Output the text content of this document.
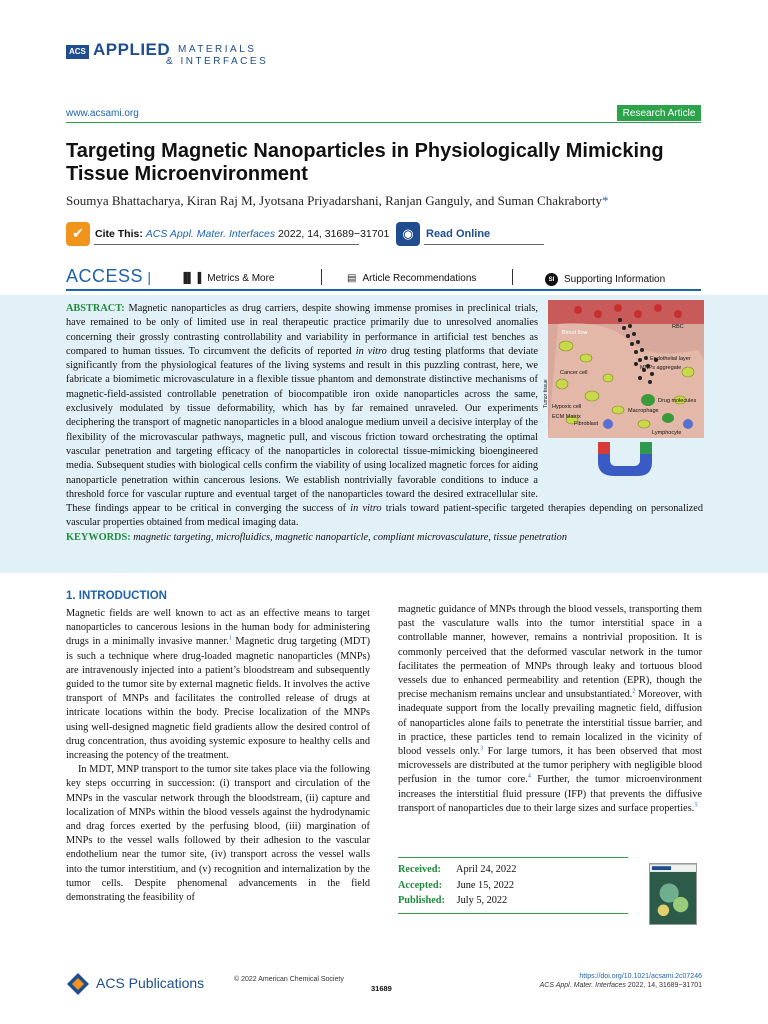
ACS APPLIED MATERIALS
& INTERFACES
www.acsami.org	Research Article
Targeting Magnetic Nanoparticles in Physiologically Mimicking Tissue Microenvironment
Soumya Bhattacharya, Kiran Raj M, Jyotsana Priyadarshani, Ranjan Ganguly, and Suman Chakraborty*
✔	Cite This: ACS Appl. Mater. Interfaces 2022, 14, 31689−31701	◉	Read Online
ACCESS |	▐▌▐ Metrics & More	▤ Article Recommendations	SI Supporting Information
ABSTRACT: Magnetic nanoparticles as drug carriers, despite showing immense promises in preclinical trials, have remained to be only of limited use in real therapeutic practice primarily due to unresolved anomalies concerning their grossly contrasting controllability and variability in performance in artificial test benches as compared to human tissues. To circumvent the deficits of reported in vitro drug testing platforms that deviate significantly from the physiological features of the living systems and result in this puzzling contrast, here, we fabricate a biomimetic microvasculature in a flexible tissue phantom and demonstrate distinctive mechanisms of magnetic-field-assisted controllable penetration of biocompatible iron oxide nanoparticles across the same, exclusively modulated by tissue deformability, which has by far remained unraveled. Our experiments deciphering the transport of magnetic nanoparticles in a blood analogue medium unveil a decisive interplay of the flexibility of the microvascular pathways, magnetic pull, and viscous friction toward orchestrating the optimal vascular penetration and targeting efficacy of the nanoparticles in colorectal tissue-mimicking bioengineered media. Subsequent studies with biological cells confirm the viability of using localized magnetic forces for aiding nanoparticle penetration within cancerous lesions. We establish nontrivially favorable conditions to induce a threshold force for vascular rupture and eventual target of the nanoparticles toward the desired extracellular site. These findings appear to be critical in converging the success of in vitro trials toward patient-specific targeted therapies depending on personalized vascular properties obtained from medical imaging data.
KEYWORDS: magnetic targeting, microfluidics, magnetic nanoparticle, compliant microvasculature, tissue penetration
RBC
Blood flow
Endothelial layer
MNPs aggregate
Cancer cell
Drug molecules
Hypoxic cell
Macrophage
ECM Matrix
Fibroblast
Lymphocyte
Tumor tissue
1. INTRODUCTION

Magnetic fields are well known to act as an effective means to target nanoparticles to cancerous lesions in the human body for administering drugs in a minimally invasive manner.$^1$ Magnetic drug targeting (MDT) is such a technique where drug-loaded magnetic nanoparticles (MNPs) are intravenously injected into a patient’s bloodstream and subsequently guided to the tumor site by external magnetic fields. It involves the active transport of MNPs and facilitates the controlled release of drugs at intricate locations within the body. Precise localization of the MNPs using well-designed magnetic field gradients allow the desired control of drug concentration, thus avoiding systemic exposure to healthy cells and increasing the potency of the treatment.

In MDT, MNP transport to the tumor site takes place via the following key steps occurring in succession: (i) transport and circulation of the MNPs in the vascular network through the bloodstream, (ii) capture and localization of MNPs within the blood vessels against the hydrodynamic and drag forces exerted by the perfusing blood, (iii) margination of MNPs to the vessel walls followed by their adhesion to the vascular endothelium near the tumor site, (iv) transport across the vessel walls into the tumor interstitium, and (v) recognition and internalization by the tumor cells. Despite phenomenal advancements in the field demonstrating the feasibility of

magnetic guidance of MNPs through the blood vessels, transporting them past the vasculature walls into the tumor interstitial space in a controllable manner, however, remains a nontrivial proposition. It is commonly perceived that the deformed vascular network in the tumor facilitates the permeation of MNPs through leaky and tortuous blood vessels due to enhanced permeability and retention (EPR), though the precise mechanism remains unclear and unsubstantiated.$^2$ Moreover, with inadequate support from the locally prevailing magnetic field, diffusion of nanoparticles alone fails to penetrate the interstitial tissue barrier, and in practice, these particles tend to remain localized in the vicinity of blood vessels only.$^3$ For large tumors, it has been observed that most microvessels are distributed at the tumor periphery with negligible blood perfusion in the tumor core.$^4$ Further, the tumor microenvironment increases the interstitial fluid pressure (IFP) that prevents the diffusive transport of nanoparticles due to their large sizes and surface properties.$^5$

Received: April 24, 2022
Accepted: June 15, 2022
Published: July 5, 2022
ACS Publications	© 2022 American Chemical Society
31689
https://doi.org/10.1021/acsami.2c07246
ACS Appl. Mater. Interfaces 2022, 14, 31689−31701
